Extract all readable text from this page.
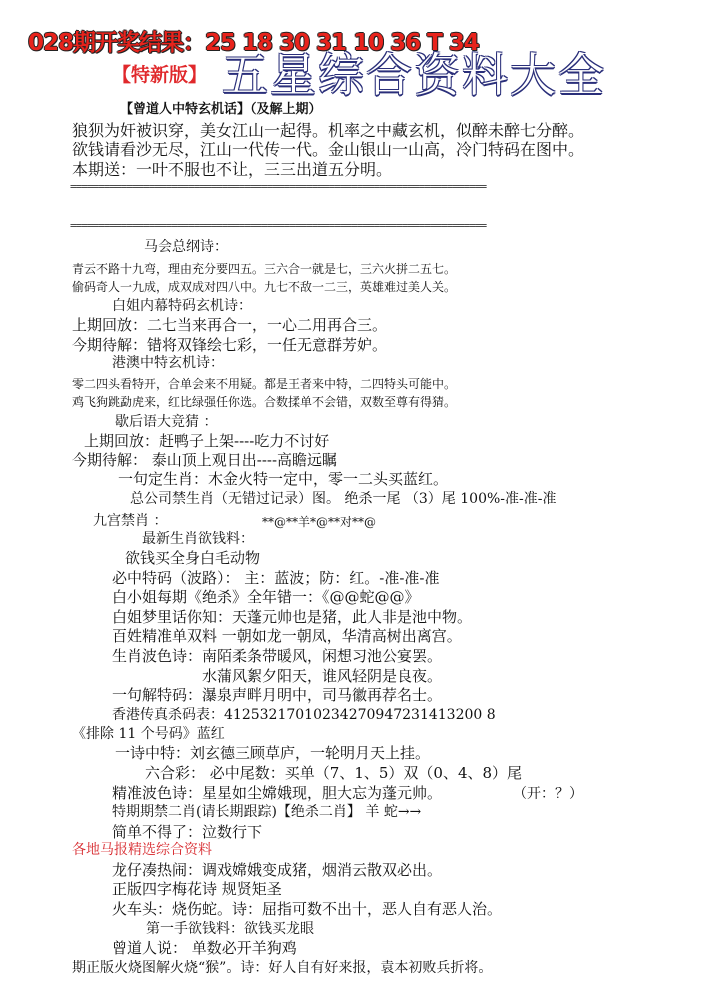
028期开奖结果：25 18 30 31 10 36 T 34
【特新版】 五星综合资料大全
【曾道人中特玄机话】（及解上期）
狼狈为奸被识穿，美女江山一起得。机率之中藏玄机，似醉未醉七分醉。
欲钱请看沙无尽，江山一代传一代。金山银山一山高，冷门特码在图中。
本期送：一叶不服也不让，三三出道五分明。
==========================================================================
==========================================================================
马会总纲诗：
青云不路十九弯，理由充分要四五。三六合一就是七，三六火拼二五七。
偷码奇人一九成，成双成对四八中。九七不敌一二三，英雄难过美人关。
白姐内幕特码玄机诗：
上期回放：二七当来再合一，一心二用再合三。
今期待解：错将双锋绘七彩，一任无意群芳妒。
港澳中特玄机诗：
零二四头看特开，合单会来不用疑。都是王者来中特，二四特头可能中。
鸡飞狗跳勐虎来，红比绿强任你选。合数揉单不会错，双数至尊有得猜。
歇后语大竞猜 ：
上期回放：赶鸭子上架----吃力不讨好
今期待解： 泰山顶上观日出----高瞻远瞩
一句定生肖：木金火特一定中，零一二头买蓝红。
总公司禁生肖（无错过记录）图。 绝杀一尾 （3）尾 100%-准-准-准
九宫禁肖 ：	**@**羊*@**对**@
最新生肖欲钱料：
欲钱买全身白毛动物
必中特码（波路）： 主：蓝波；防：红。-准-准-准
白小姐每期《绝杀》全年错一：《@@蛇@@》
白姐梦里话你知：天蓬元帅也是猪，此人非是池中物。
百姓精准单双料 一朝如龙一朝凤，华清高树出离宫。
生肖波色诗：南陌柔条带暖风，闲想习池公宴罢。
水蒲风絮夕阳天，谁风轻阴是良夜。
一句解特码：瀑泉声畔月明中，司马徽再荐名士。
香港传真杀码表：41253217010234270947231413200 8
《排除 11 个号码》蓝红
一诗中特：刘玄德三顾草庐，一轮明月天上挂。
六合彩： 必中尾数：买单（7、1、5）双（0、4、8）尾
精准波色诗：星星如尘嫦娥现，胆大忘为蓬元帅。	（开：？）
特期期禁二肖(请长期跟踪)【绝杀二肖】 羊 蛇→→
简单不得了：泣数行下
各地马报精选综合资料
龙仔凑热闹：调戏嫦娥变成猪，烟消云散双必出。
正版四字梅花诗 规贤矩圣
火车头：烧伤蛇。诗：屈指可数不出十，恶人自有恶人治。
第一手欲钱料：欲钱买龙眼
曾道人说： 单数必开羊狗鸡
期正版火烧图解火烧“猴”。诗：好人自有好来报，袁本初败兵折将。
